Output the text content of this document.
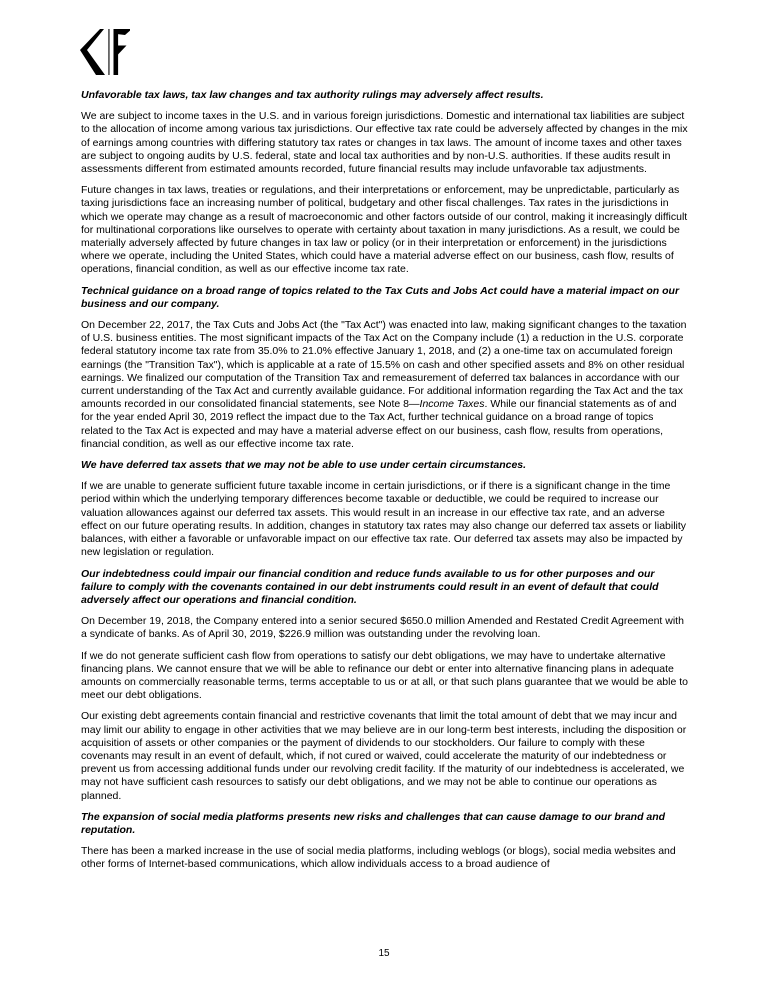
Unfavorable tax laws, tax law changes and tax authority rulings may adversely affect results.

We are subject to income taxes in the U.S. and in various foreign jurisdictions. Domestic and international tax liabilities are subject to the allocation of income among various tax jurisdictions. Our effective tax rate could be adversely affected by changes in the mix of earnings among countries with differing statutory tax rates or changes in tax laws. The amount of income taxes and other taxes are subject to ongoing audits by U.S. federal, state and local tax authorities and by non-U.S. authorities. If these audits result in assessments different from estimated amounts recorded, future financial results may include unfavorable tax adjustments.

Future changes in tax laws, treaties or regulations, and their interpretations or enforcement, may be unpredictable, particularly as taxing jurisdictions face an increasing number of political, budgetary and other fiscal challenges. Tax rates in the jurisdictions in which we operate may change as a result of macroeconomic and other factors outside of our control, making it increasingly difficult for multinational corporations like ourselves to operate with certainty about taxation in many jurisdictions. As a result, we could be materially adversely affected by future changes in tax law or policy (or in their interpretation or enforcement) in the jurisdictions where we operate, including the United States, which could have a material adverse effect on our business, cash flow, results of operations, financial condition, as well as our effective income tax rate.

Technical guidance on a broad range of topics related to the Tax Cuts and Jobs Act could have a material impact on our business and our company.

On December 22, 2017, the Tax Cuts and Jobs Act (the "Tax Act") was enacted into law, making significant changes to the taxation of U.S. business entities. The most significant impacts of the Tax Act on the Company include (1) a reduction in the U.S. corporate federal statutory income tax rate from 35.0% to 21.0% effective January 1, 2018, and (2) a one-time tax on accumulated foreign earnings (the "Transition Tax"), which is applicable at a rate of 15.5% on cash and other specified assets and 8% on other residual earnings. We finalized our computation of the Transition Tax and remeasurement of deferred tax balances in accordance with our current understanding of the Tax Act and currently available guidance. For additional information regarding the Tax Act and the tax amounts recorded in our consolidated financial statements, see Note 8—Income Taxes. While our financial statements as of and for the year ended April 30, 2019 reflect the impact due to the Tax Act, further technical guidance on a broad range of topics related to the Tax Act is expected and may have a material adverse effect on our business, cash flow, results from operations, financial condition, as well as our effective income tax rate.

We have deferred tax assets that we may not be able to use under certain circumstances.

If we are unable to generate sufficient future taxable income in certain jurisdictions, or if there is a significant change in the time period within which the underlying temporary differences become taxable or deductible, we could be required to increase our valuation allowances against our deferred tax assets. This would result in an increase in our effective tax rate, and an adverse effect on our future operating results. In addition, changes in statutory tax rates may also change our deferred tax assets or liability balances, with either a favorable or unfavorable impact on our effective tax rate. Our deferred tax assets may also be impacted by new legislation or regulation.

Our indebtedness could impair our financial condition and reduce funds available to us for other purposes and our failure to comply with the covenants contained in our debt instruments could result in an event of default that could adversely affect our operations and financial condition.

On December 19, 2018, the Company entered into a senior secured $650.0 million Amended and Restated Credit Agreement with a syndicate of banks. As of April 30, 2019, $226.9 million was outstanding under the revolving loan.

If we do not generate sufficient cash flow from operations to satisfy our debt obligations, we may have to undertake alternative financing plans. We cannot ensure that we will be able to refinance our debt or enter into alternative financing plans in adequate amounts on commercially reasonable terms, terms acceptable to us or at all, or that such plans guarantee that we would be able to meet our debt obligations.

Our existing debt agreements contain financial and restrictive covenants that limit the total amount of debt that we may incur and may limit our ability to engage in other activities that we may believe are in our long-term best interests, including the disposition or acquisition of assets or other companies or the payment of dividends to our stockholders. Our failure to comply with these covenants may result in an event of default, which, if not cured or waived, could accelerate the maturity of our indebtedness or prevent us from accessing additional funds under our revolving credit facility. If the maturity of our indebtedness is accelerated, we may not have sufficient cash resources to satisfy our debt obligations, and we may not be able to continue our operations as planned.

The expansion of social media platforms presents new risks and challenges that can cause damage to our brand and reputation.

There has been a marked increase in the use of social media platforms, including weblogs (or blogs), social media websites and other forms of Internet-based communications, which allow individuals access to a broad audience of

15
